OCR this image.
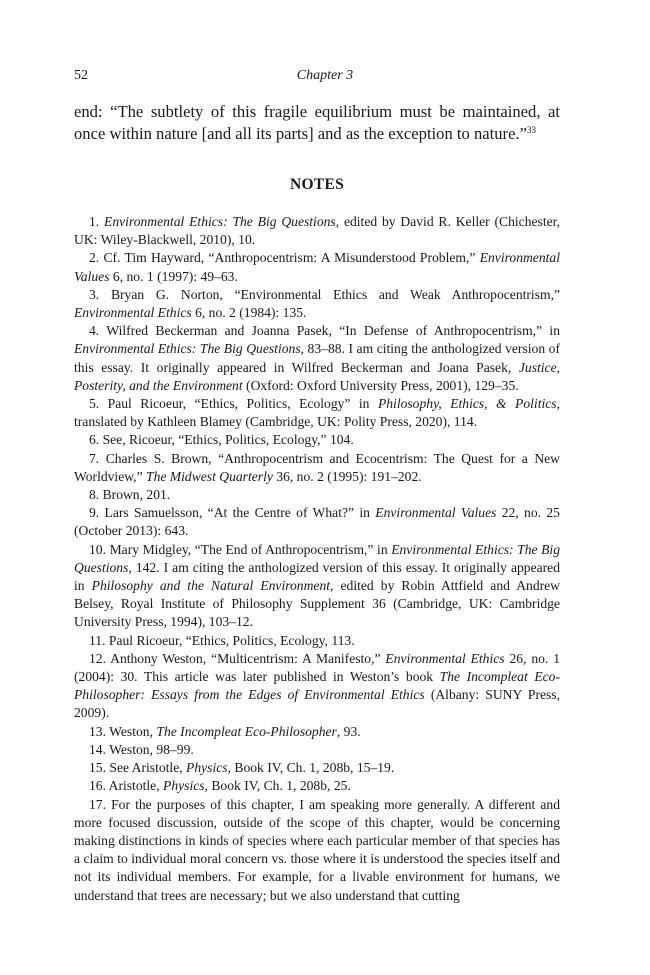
52	Chapter 3

end: “The subtlety of this fragile equilibrium must be maintained, at once within nature [and all its parts] and as the exception to nature.”$^{33}$

NOTES

1. Environmental Ethics: The Big Questions, edited by David R. Keller (Chichester, UK: Wiley-Blackwell, 2010), 10.

2. Cf. Tim Hayward, “Anthropocentrism: A Misunderstood Problem,” Environmental Values 6, no. 1 (1997): 49–63.

3. Bryan G. Norton, “Environmental Ethics and Weak Anthropocentrism,” Environmental Ethics 6, no. 2 (1984): 135.

4. Wilfred Beckerman and Joanna Pasek, “In Defense of Anthropocentrism,” in Environmental Ethics: The Big Questions, 83–88. I am citing the anthologized version of this essay. It originally appeared in Wilfred Beckerman and Joana Pasek, Justice, Posterity, and the Environment (Oxford: Oxford University Press, 2001), 129–35.

5. Paul Ricoeur, “Ethics, Politics, Ecology” in Philosophy, Ethics, & Politics, translated by Kathleen Blamey (Cambridge, UK: Polity Press, 2020), 114.

6. See, Ricoeur, “Ethics, Politics, Ecology,” 104.

7. Charles S. Brown, “Anthropocentrism and Ecocentrism: The Quest for a New Worldview,” The Midwest Quarterly 36, no. 2 (1995): 191–202.

8. Brown, 201.

9. Lars Samuelsson, “At the Centre of What?” in Environmental Values 22, no. 25 (October 2013): 643.

10. Mary Midgley, “The End of Anthropocentrism,” in Environmental Ethics: The Big Questions, 142. I am citing the anthologized version of this essay. It originally appeared in Philosophy and the Natural Environment, edited by Robin Attfield and Andrew Belsey, Royal Institute of Philosophy Supplement 36 (Cambridge, UK: Cambridge University Press, 1994), 103–12.

11. Paul Ricoeur, “Ethics, Politics, Ecology, 113.

12. Anthony Weston, “Multicentrism: A Manifesto,” Environmental Ethics 26, no. 1 (2004): 30. This article was later published in Weston’s book The Incompleat Eco-Philosopher: Essays from the Edges of Environmental Ethics (Albany: SUNY Press, 2009).

13. Weston, The Incompleat Eco-Philosopher, 93.

14. Weston, 98–99.

15. See Aristotle, Physics, Book IV, Ch. 1, 208b, 15–19.

16. Aristotle, Physics, Book IV, Ch. 1, 208b, 25.

17. For the purposes of this chapter, I am speaking more generally. A different and more focused discussion, outside of the scope of this chapter, would be concerning making distinctions in kinds of species where each particular member of that species has a claim to individual moral concern vs. those where it is understood the species itself and not its individual members. For example, for a livable environment for humans, we understand that trees are necessary; but we also understand that cutting
